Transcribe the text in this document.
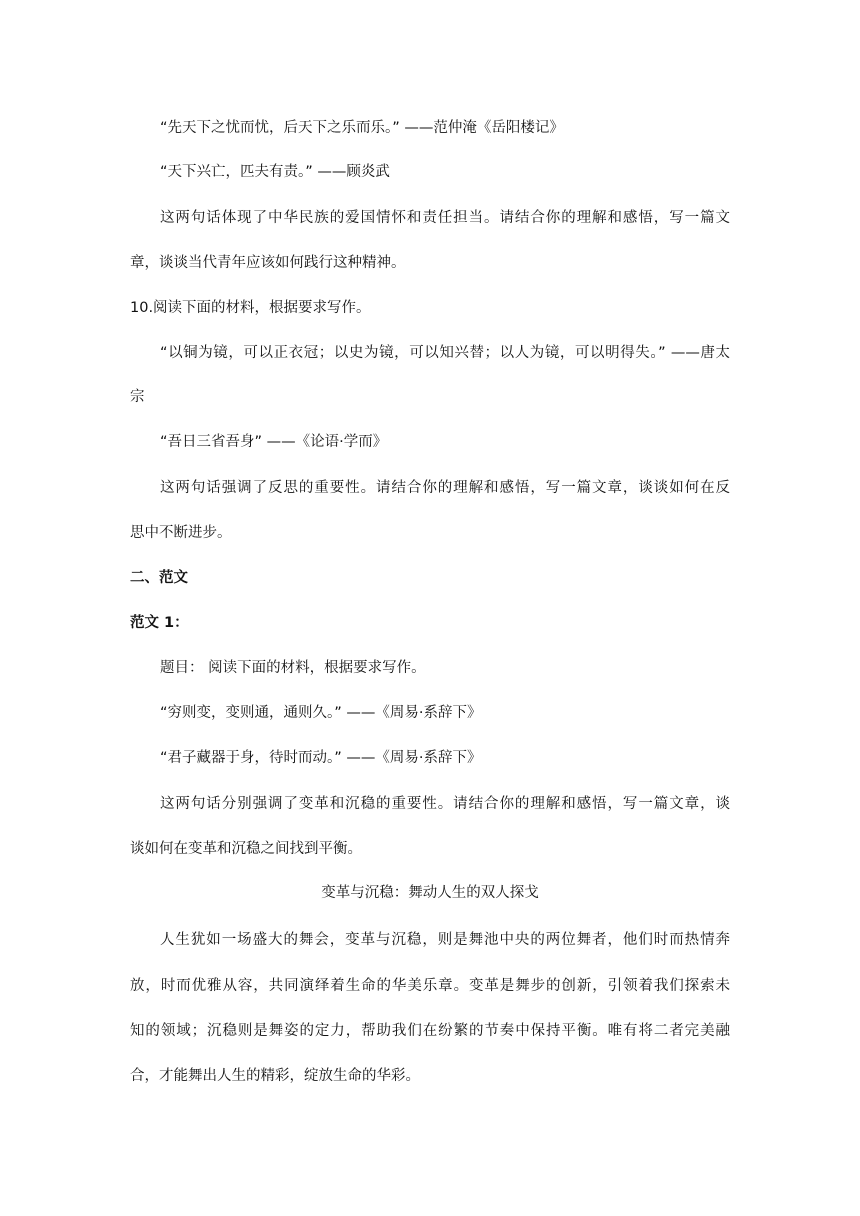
“先天下之忧而忧，后天下之乐而乐。” ——范仲淹《岳阳楼记》
“天下兴亡，匹夫有责。” ——顾炎武
这两句话体现了中华民族的爱国情怀和责任担当。请结合你的理解和感悟，写一篇文
章，谈谈当代青年应该如何践行这种精神。
10.阅读下面的材料，根据要求写作。
“以铜为镜，可以正衣冠；以史为镜，可以知兴替；以人为镜，可以明得失。” ——唐太
宗
“吾日三省吾身” ——《论语·学而》
这两句话强调了反思的重要性。请结合你的理解和感悟，写一篇文章，谈谈如何在反
思中不断进步。
二、范文
范文 1：
题目： 阅读下面的材料，根据要求写作。
“穷则变，变则通，通则久。” ——《周易·系辞下》
“君子藏器于身，待时而动。” ——《周易·系辞下》
这两句话分别强调了变革和沉稳的重要性。请结合你的理解和感悟，写一篇文章，谈
谈如何在变革和沉稳之间找到平衡。
变革与沉稳：舞动人生的双人探戈
人生犹如一场盛大的舞会，变革与沉稳，则是舞池中央的两位舞者，他们时而热情奔
放，时而优雅从容，共同演绎着生命的华美乐章。变革是舞步的创新，引领着我们探索未
知的领域；沉稳则是舞姿的定力，帮助我们在纷繁的节奏中保持平衡。唯有将二者完美融
合，才能舞出人生的精彩，绽放生命的华彩。
